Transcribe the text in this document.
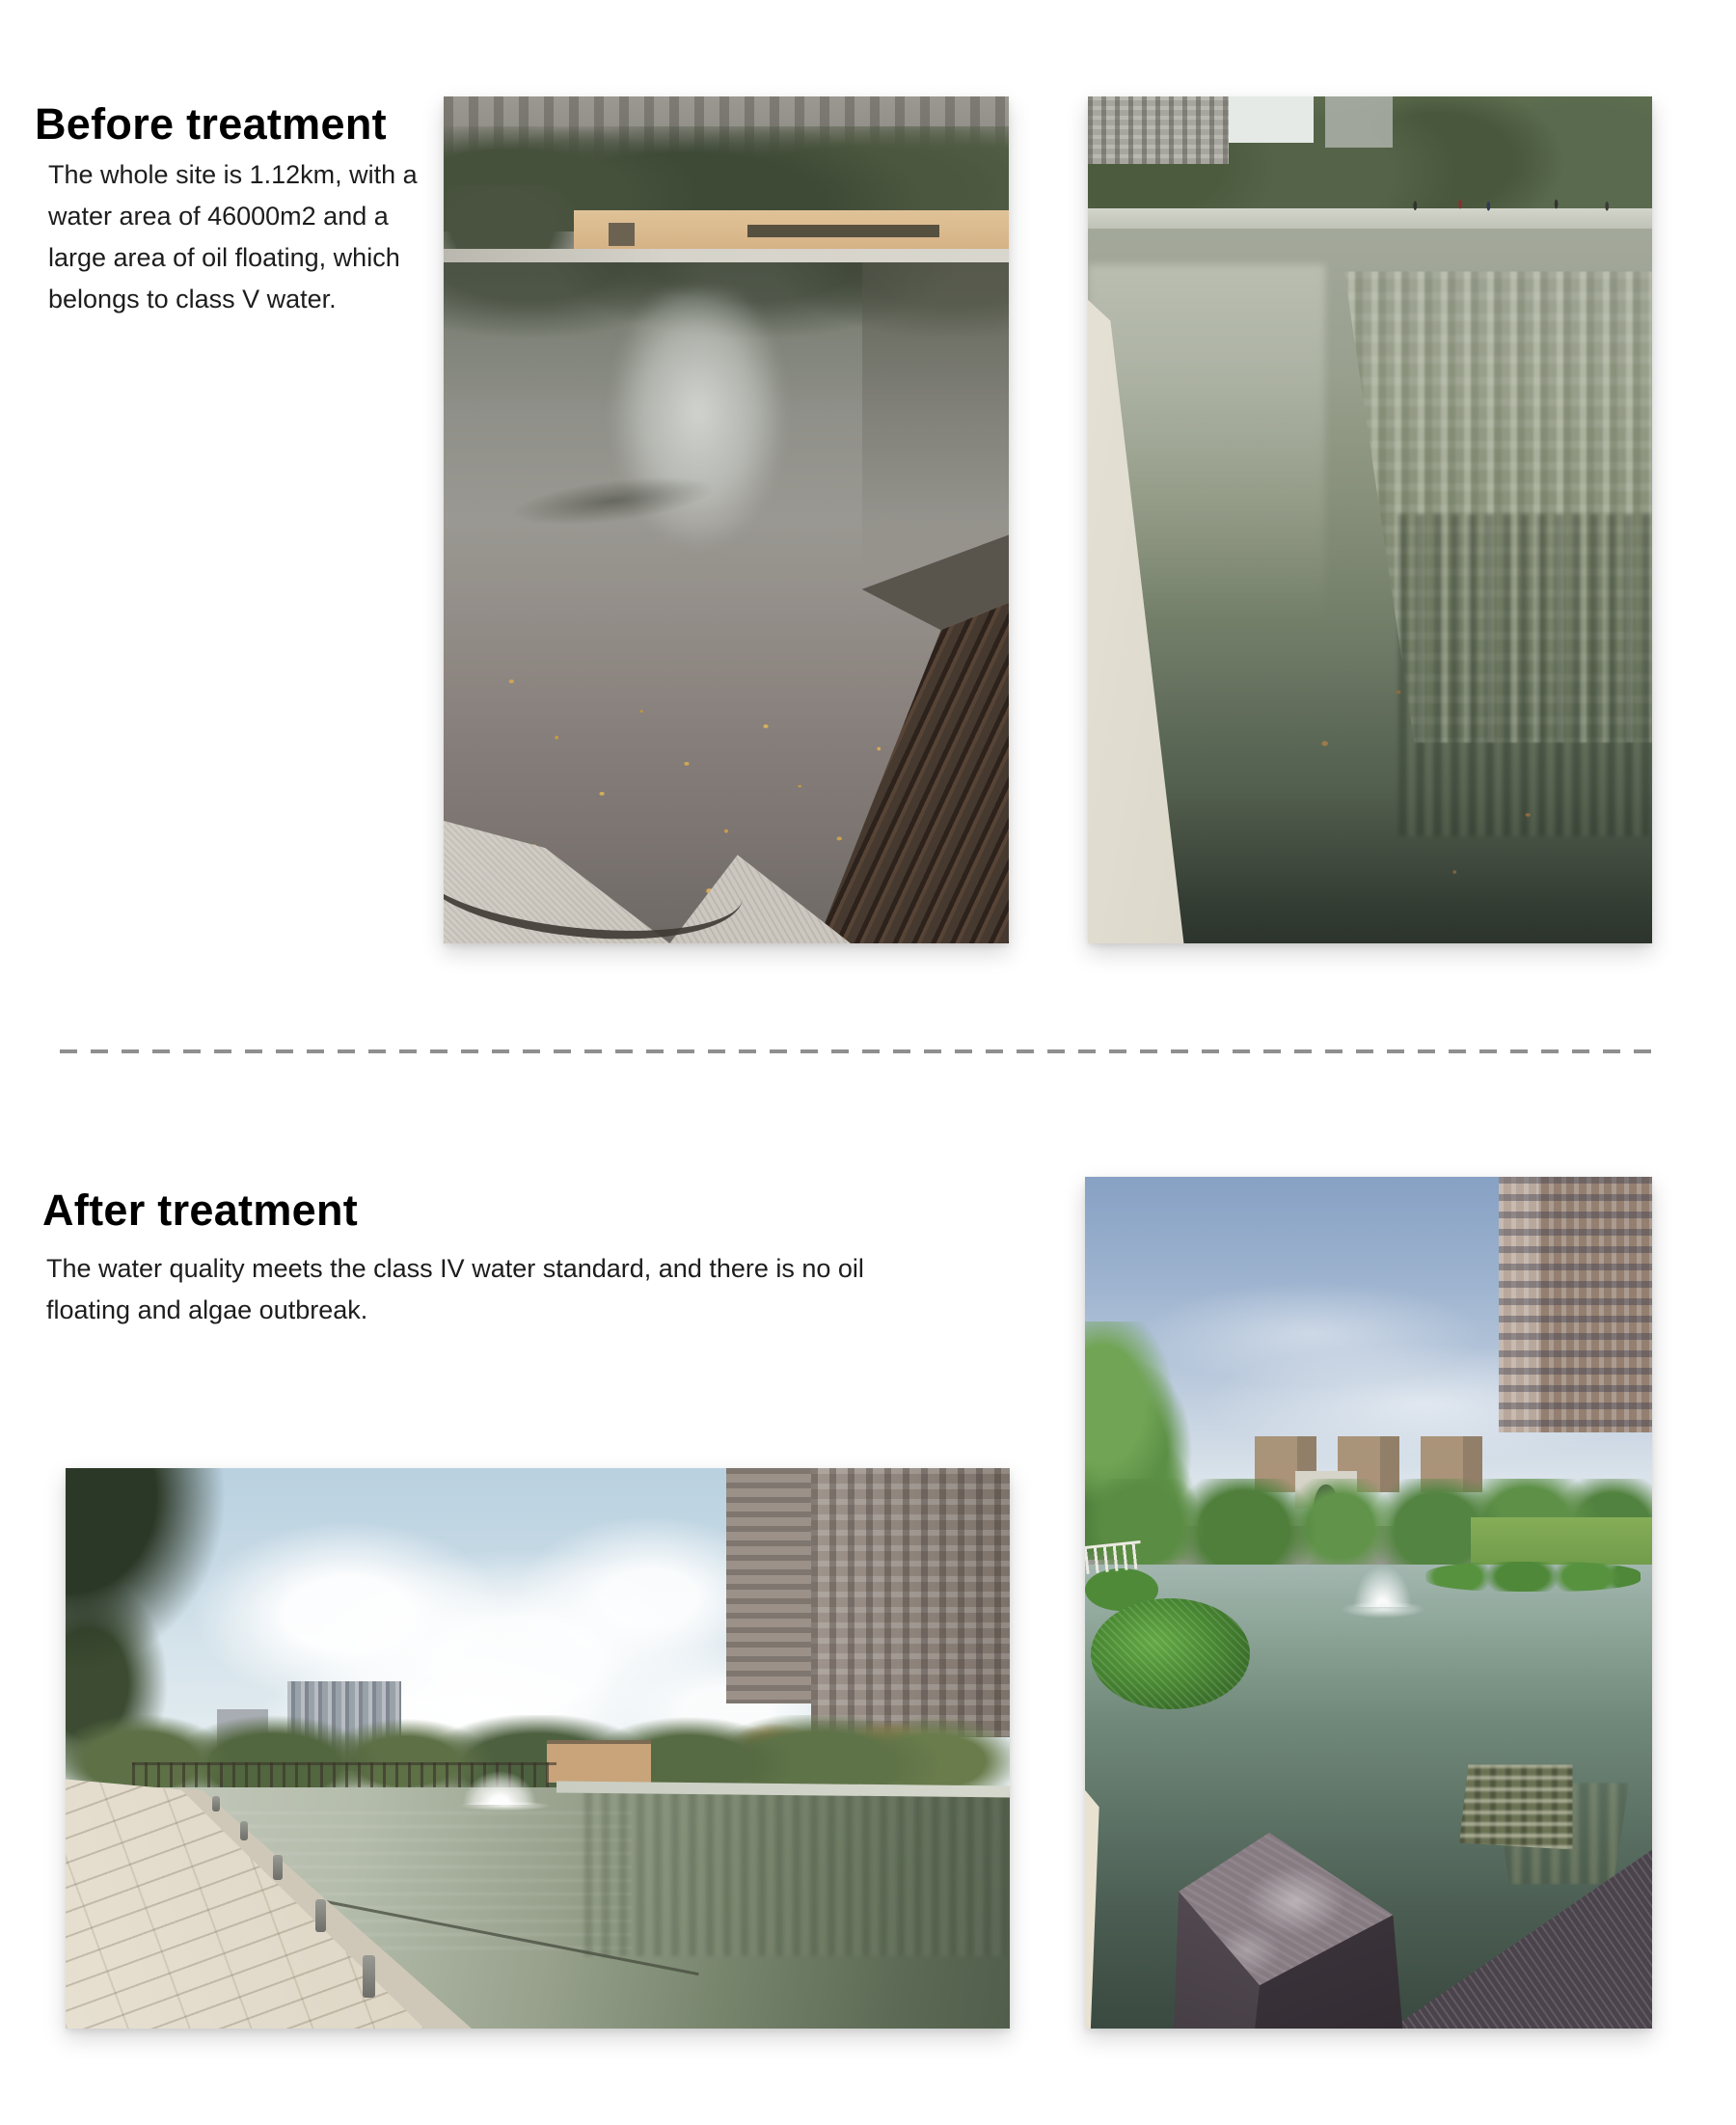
Before treatment
The whole site is 1.12km, with a
water area of 46000m2 and a
large area of oil floating, which
belongs to class V water.
After treatment
The water quality meets the class IV water standard, and there is no oil
floating and algae outbreak.
